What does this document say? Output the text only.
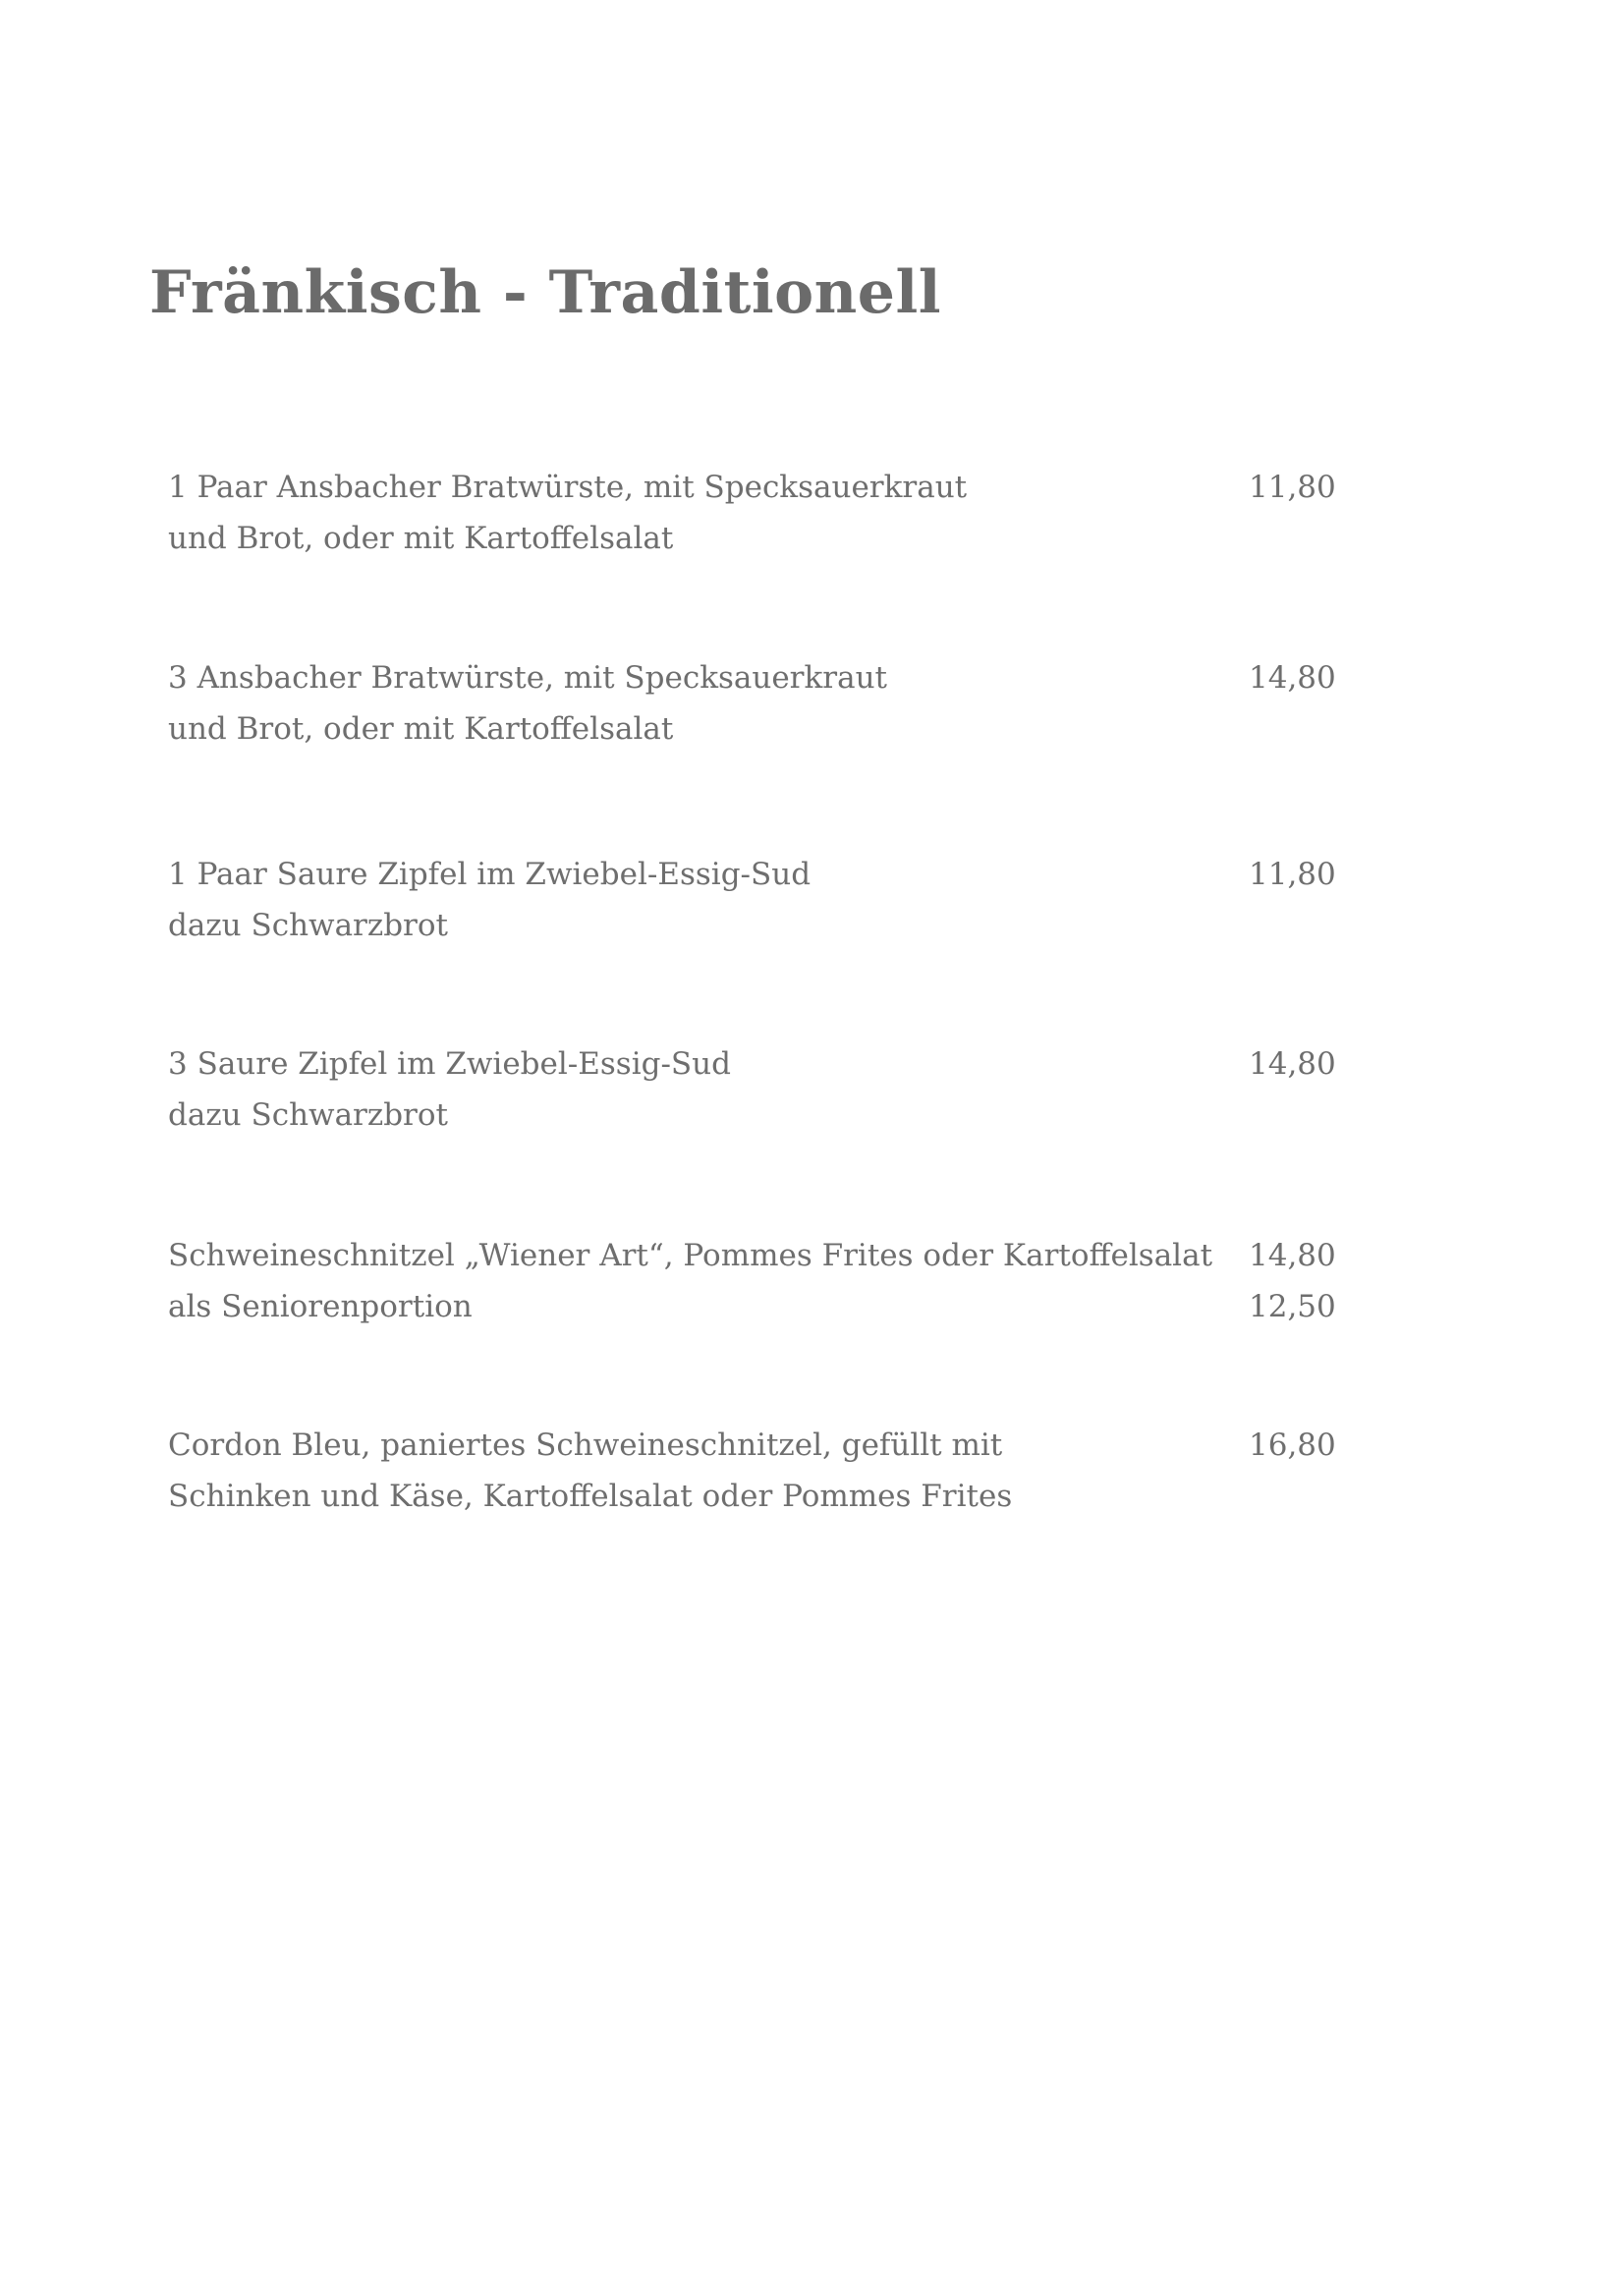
Fränkisch - Traditionell
1 Paar Ansbacher Bratwürste, mit Specksauerkraut	11,80
und Brot, oder mit Kartoffelsalat
3 Ansbacher Bratwürste, mit Specksauerkraut	14,80
und Brot, oder mit Kartoffelsalat
1 Paar Saure Zipfel im Zwiebel-Essig-Sud	11,80
dazu Schwarzbrot
3 Saure Zipfel im Zwiebel-Essig-Sud	14,80
dazu Schwarzbrot
Schweineschnitzel „Wiener Art“, Pommes Frites oder Kartoffelsalat 14,80
als Seniorenportion	12,50
Cordon Bleu, paniertes Schweineschnitzel, gefüllt mit	16,80
Schinken und Käse, Kartoffelsalat oder Pommes Frites
